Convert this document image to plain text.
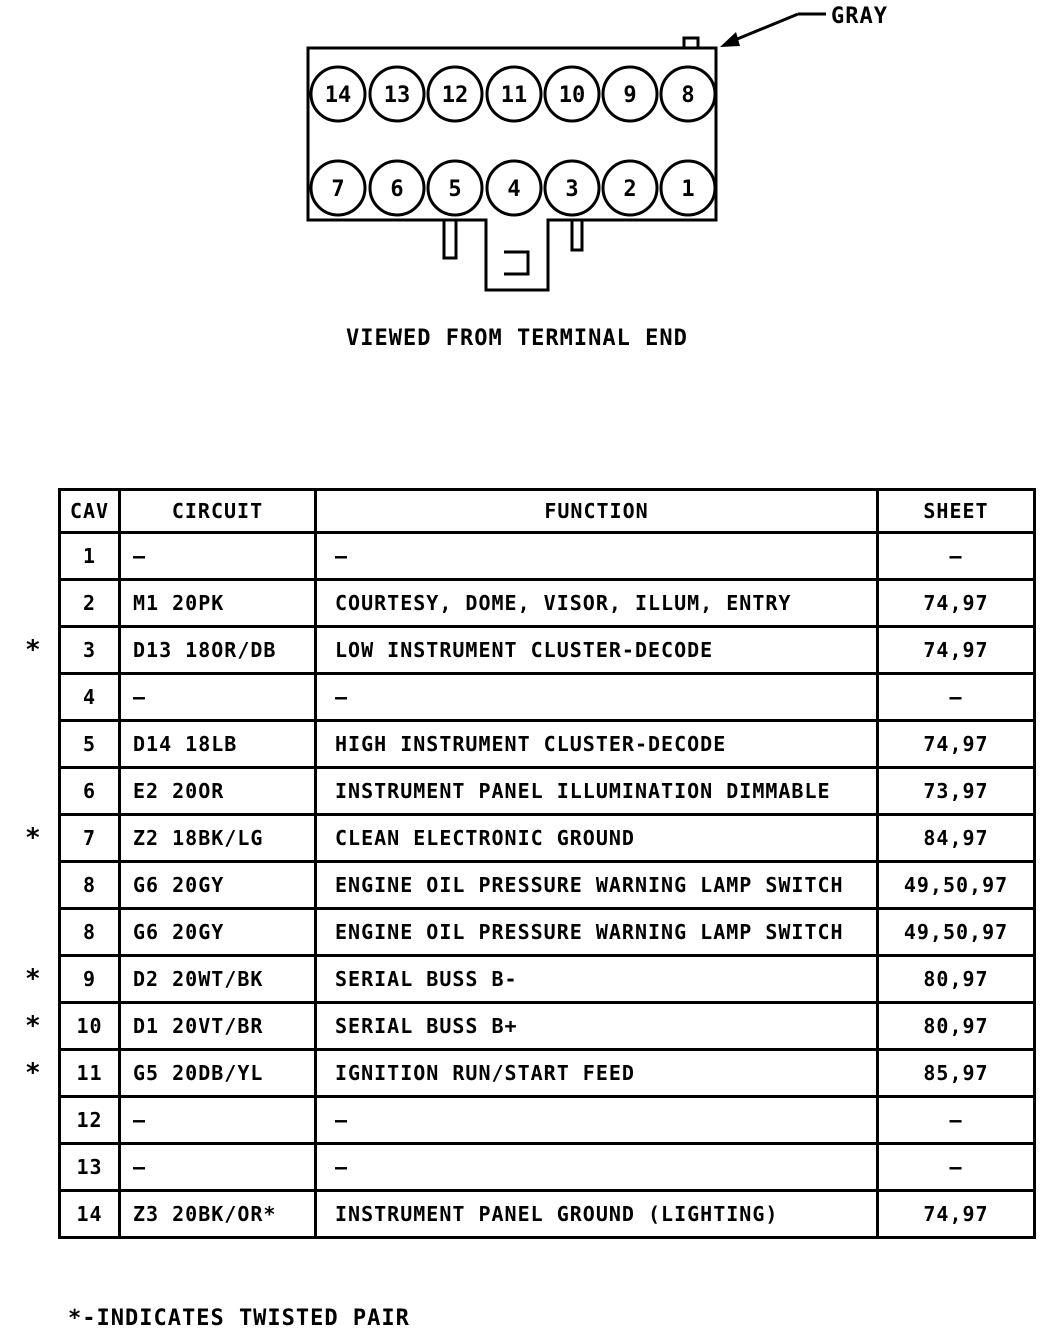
14 13 12 11 10 9 8
7 6 5 4 3 2 1
GRAY
VIEWED FROM TERMINAL END
CAV	CIRCUIT	FUNCTION	SHEET

1	—	—	—

2	M1 20PK	COURTESY, DOME, VISOR, ILLUM, ENTRY	74,97

* 3	D13 18OR/DB	LOW INSTRUMENT CLUSTER-DECODE	74,97

4	—	—	—

5	D14 18LB	HIGH INSTRUMENT CLUSTER-DECODE	74,97

6	E2 20OR	INSTRUMENT PANEL ILLUMINATION DIMMABLE	73,97

* 7	Z2 18BK/LG	CLEAN ELECTRONIC GROUND	84,97

8	G6 20GY	ENGINE OIL PRESSURE WARNING LAMP SWITCH	49,50,97

8	G6 20GY	ENGINE OIL PRESSURE WARNING LAMP SWITCH	49,50,97

* 9	D2 20WT/BK	SERIAL BUSS B-	80,97

* 10	D1 20VT/BR	SERIAL BUSS B+	80,97

* 11	G5 20DB/YL	IGNITION RUN/START FEED	85,97

12	—	—	—

13	—	—	—

14	Z3 20BK/OR*	INSTRUMENT PANEL GROUND (LIGHTING)	74,97
*-INDICATES TWISTED PAIR
